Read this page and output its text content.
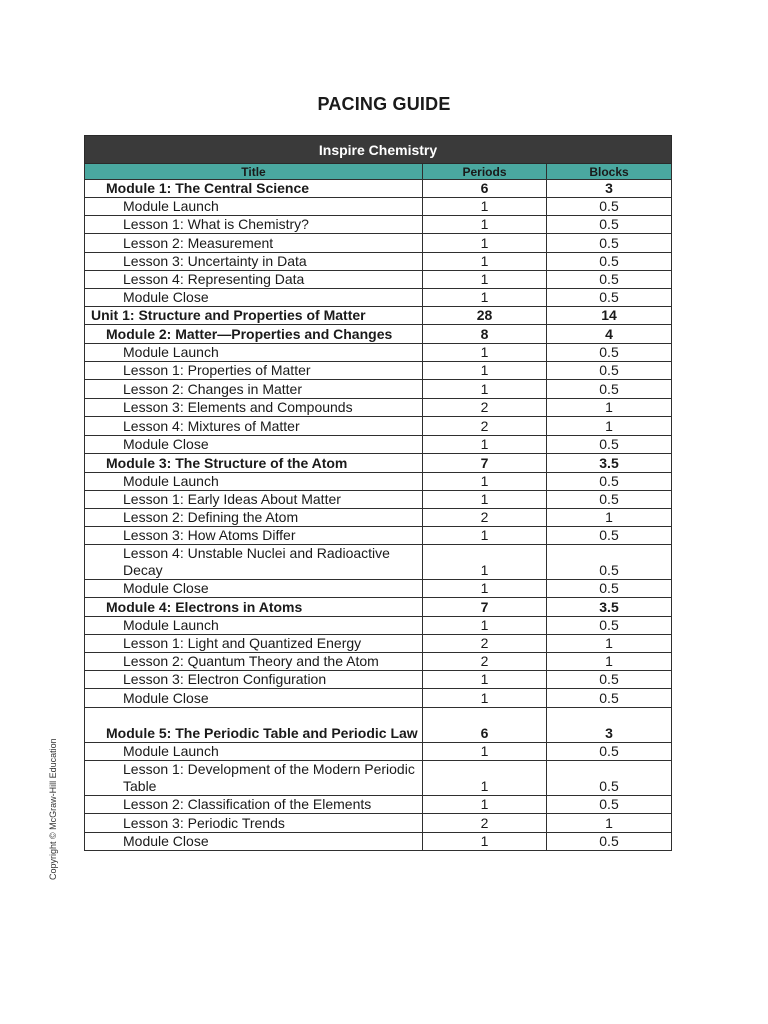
PACING GUIDE
Inspire Chemistry		
Title	Periods	Blocks

Module 1: The Central Science	6	3

Module Launch	1	0.5

Lesson 1: What is Chemistry?	1	0.5

Lesson 2: Measurement	1	0.5

Lesson 3: Uncertainty in Data	1	0.5

Lesson 4: Representing Data	1	0.5

Module Close	1	0.5

Unit 1: Structure and Properties of Matter	28	14

Module 2: Matter—Properties and Changes	8	4

Module Launch	1	0.5

Lesson 1: Properties of Matter	1	0.5

Lesson 2: Changes in Matter	1	0.5

Lesson 3: Elements and Compounds	2	1

Lesson 4: Mixtures of Matter	2	1

Module Close	1	0.5

Module 3: The Structure of the Atom	7	3.5

Module Launch	1	0.5

Lesson 1: Early Ideas About Matter	1	0.5

Lesson 2: Defining the Atom	2	1

Lesson 3: How Atoms Differ	1	0.5

Lesson 4: Unstable Nuclei and Radioactive Decay	1	0.5

Module Close	1	0.5

Module 4: Electrons in Atoms	7	3.5

Module Launch	1	0.5

Lesson 1: Light and Quantized Energy	2	1

Lesson 2: Quantum Theory and the Atom	2	1

Lesson 3: Electron Configuration	1	0.5

Module Close	1	0.5

Module 5: The Periodic Table and Periodic Law	6	3

Module Launch	1	0.5

Lesson 1: Development of the Modern Periodic Table	1	0.5

Lesson 2: Classification of the Elements	1	0.5

Lesson 3: Periodic Trends	2	1

Module Close	1	0.5
Copyright © McGraw-Hill Education
